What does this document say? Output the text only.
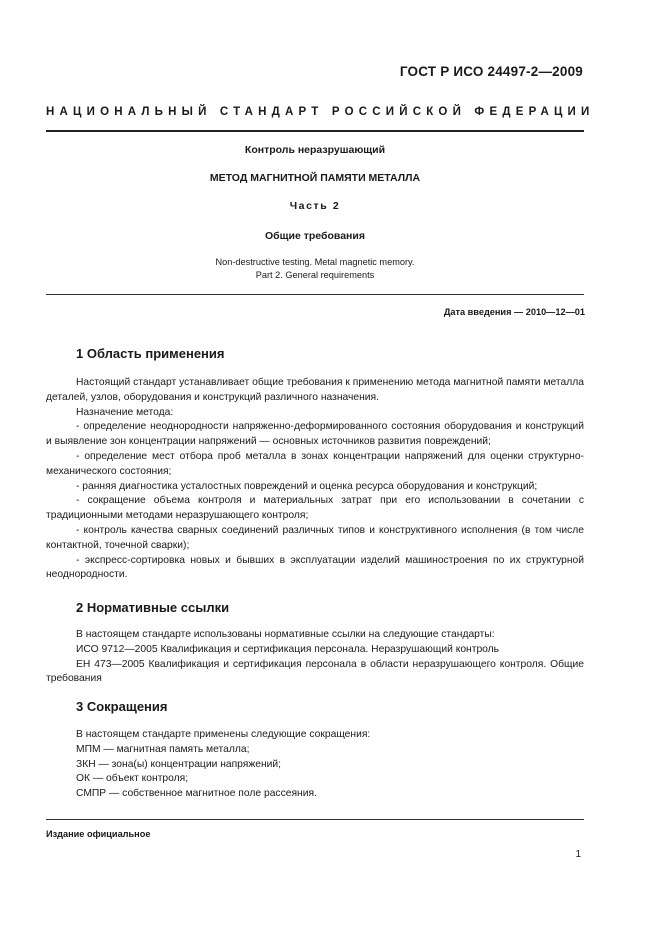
ГОСТ Р ИСО 24497-2—2009
НАЦИОНАЛЬНЫЙ СТАНДАРТ РОССИЙСКОЙ ФЕДЕРАЦИИ
Контроль неразрушающий
МЕТОД МАГНИТНОЙ ПАМЯТИ МЕТАЛЛА
Часть 2
Общие требования
Non-destructive testing. Metal magnetic memory.
Part 2. General requirements
Дата введения — 2010—12—01
1 Область применения

Настоящий стандарт устанавливает общие требования к применению метода магнитной памяти металла деталей, узлов, оборудования и конструкций различного назначения.

Назначение метода:

- определение неоднородности напряженно-деформированного состояния оборудования и конструкций и выявление зон концентрации напряжений — основных источников развития повреждений;

- определение мест отбора проб металла в зонах концентрации напряжений для оценки структурно-механического состояния;

- ранняя диагностика усталостных повреждений и оценка ресурса оборудования и конструкций;

- сокращение объема контроля и материальных затрат при его использовании в сочетании с традиционными методами неразрушающего контроля;

- контроль качества сварных соединений различных типов и конструктивного исполнения (в том числе контактной, точечной сварки);

- экспресс-сортировка новых и бывших в эксплуатации изделий машиностроения по их структурной неоднородности.

2 Нормативные ссылки

В настоящем стандарте использованы нормативные ссылки на следующие стандарты:

ИСО 9712—2005 Квалификация и сертификация персонала. Неразрушающий контроль

ЕН 473—2005 Квалификация и сертификация персонала в области неразрушающего контроля. Общие требования

3 Сокращения

В настоящем стандарте применены следующие сокращения:

МПМ — магнитная память металла;

ЗКН — зона(ы) концентрации напряжений;

ОК — объект контроля;

СМПР — собственное магнитное поле рассеяния.

Издание официальное
1
